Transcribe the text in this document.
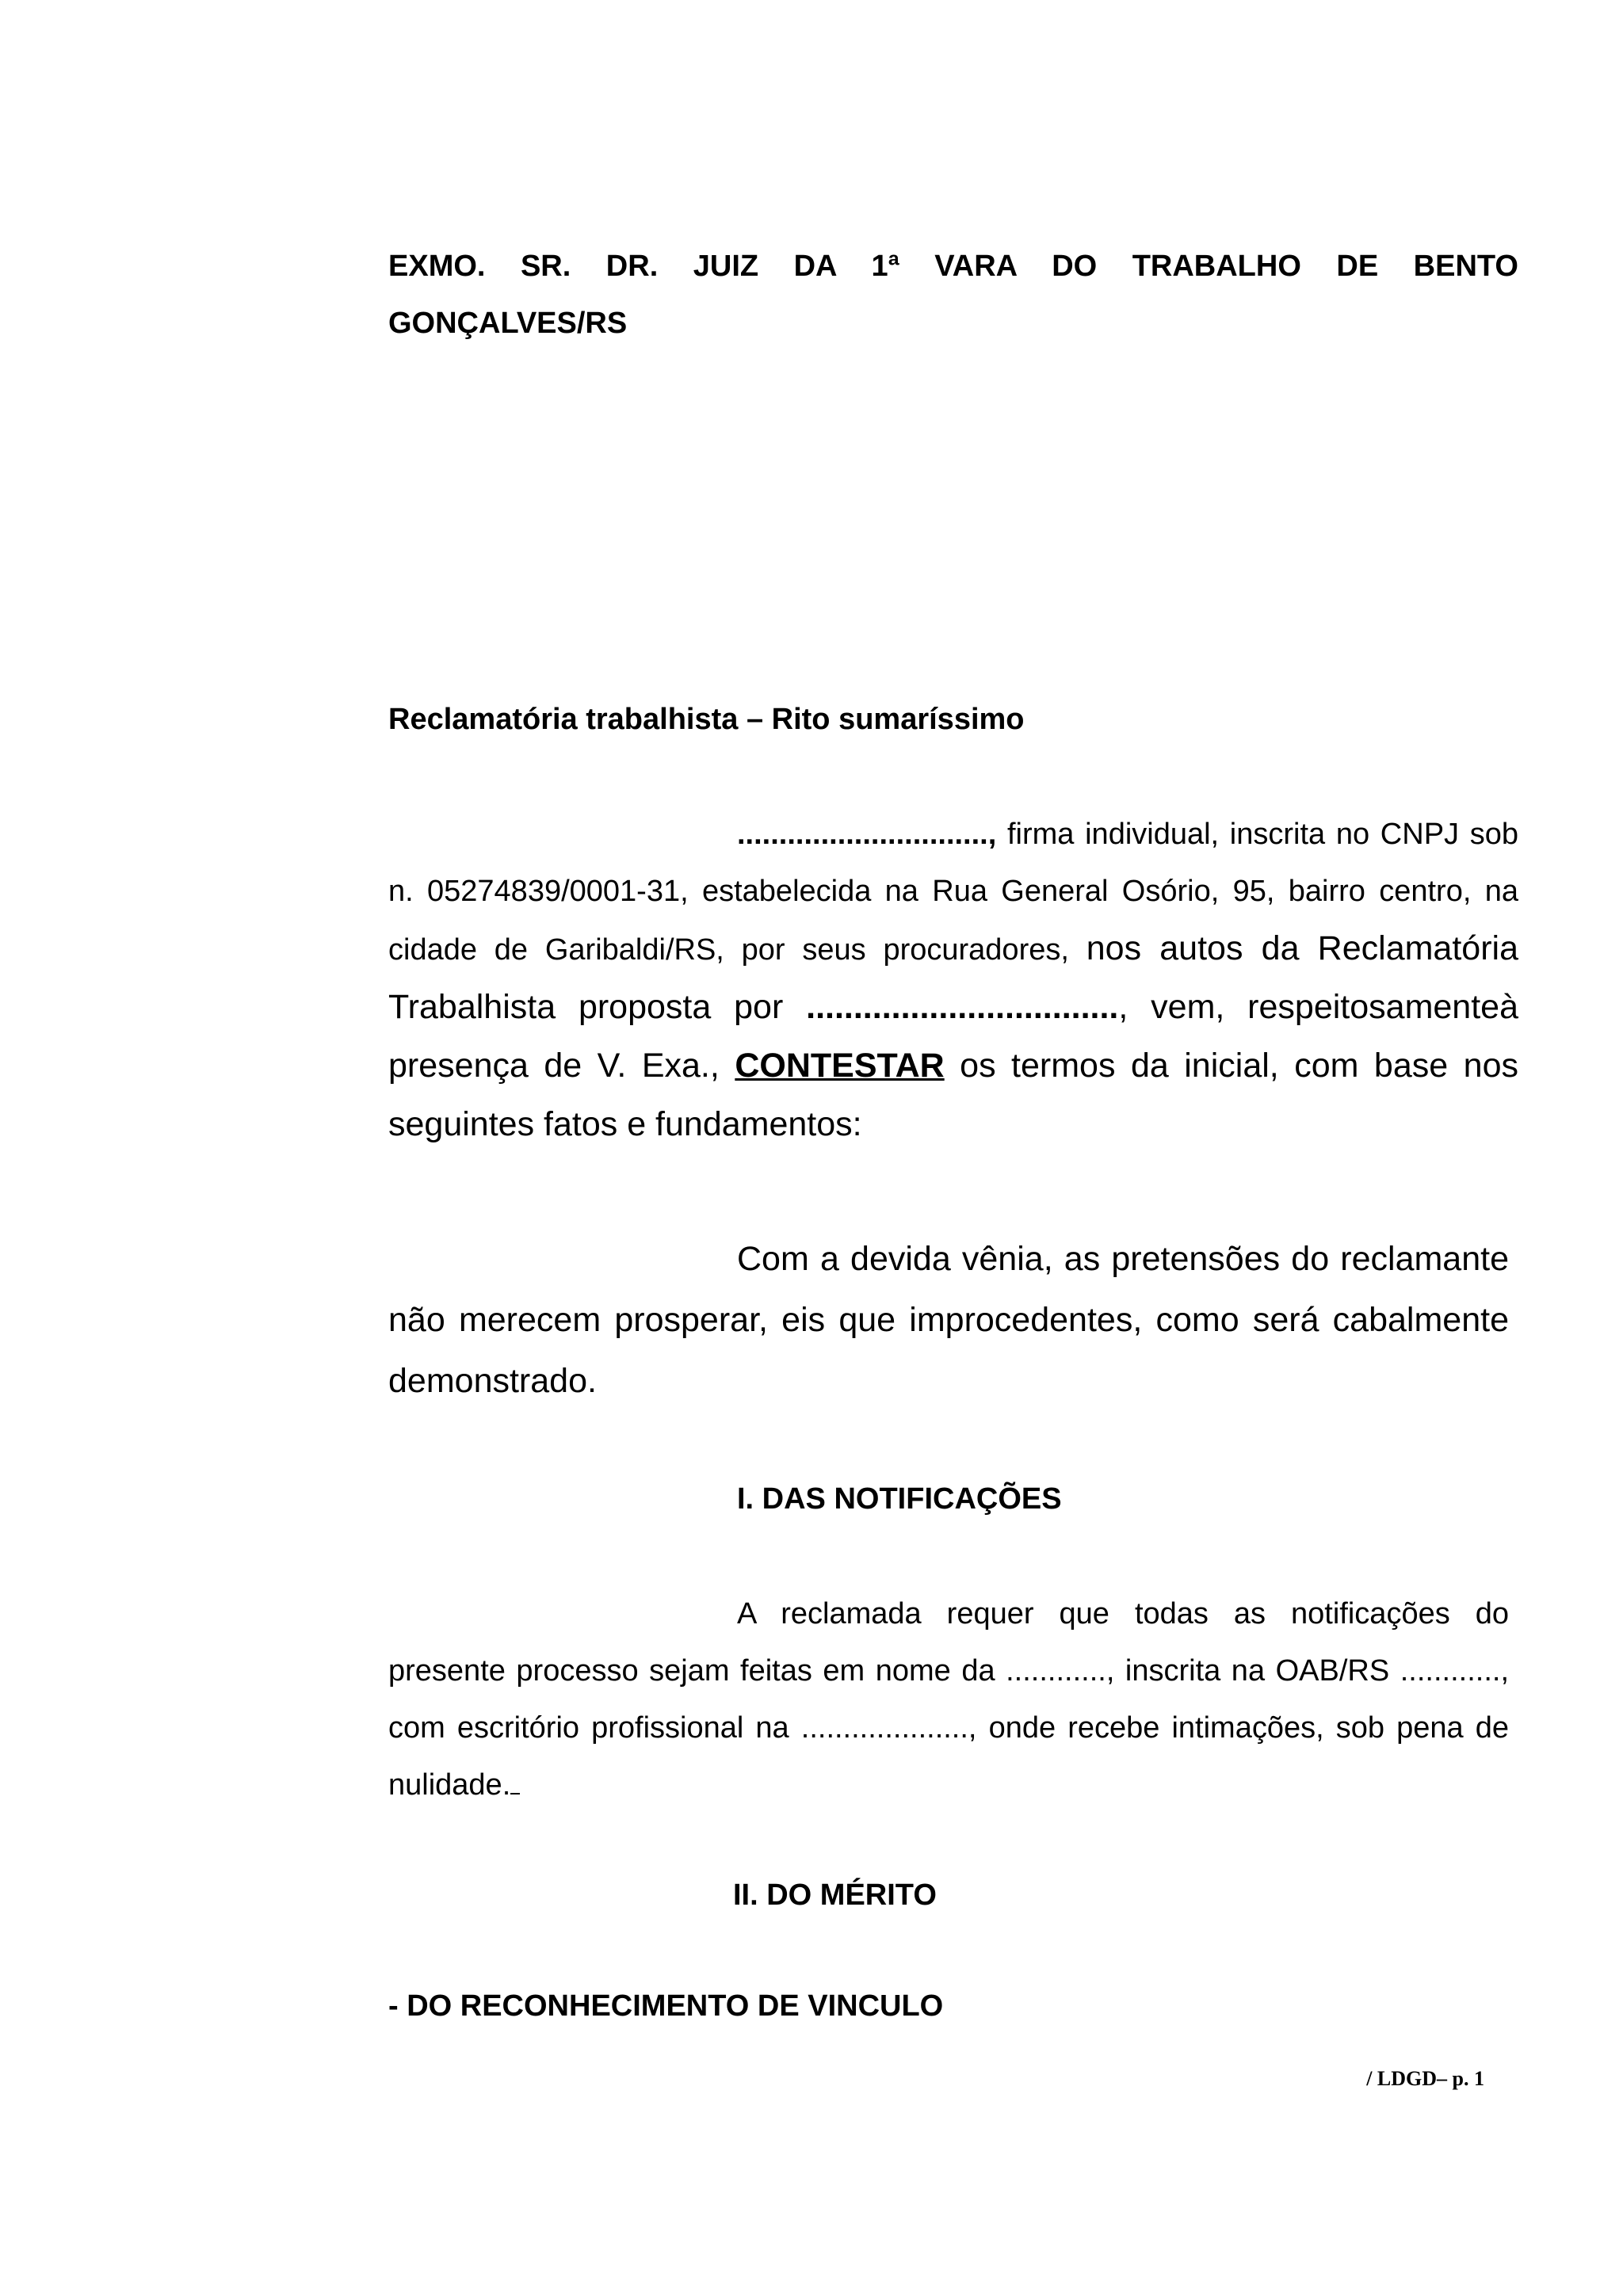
EXMO. SR. DR. JUIZ DA 1ª VARA DO TRABALHO DE BENTO GONÇALVES/RS

Reclamatória trabalhista – Rito sumaríssimo

.............................., firma individual, inscrita no CNPJ sob n. 05274839/0001-31, estabelecida na Rua General Osório, 95, bairro centro, na cidade de Garibaldi/RS, por seus procuradores, nos autos da Reclamatória Trabalhista proposta por ................................., vem, respeitosamenteà presença de V. Exa., CONTESTAR os termos da inicial, com base nos seguintes fatos e fundamentos:

Com a devida vênia, as pretensões do reclamante não merecem prosperar, eis que improcedentes, como será cabalmente demonstrado.

I. DAS NOTIFICAÇÕES

A reclamada requer que todas as notificações do presente processo sejam feitas em nome da ............, inscrita na OAB/RS ............, com escritório profissional na ...................., onde recebe intimações, sob pena de nulidade.

II. DO MÉRITO

- DO RECONHECIMENTO DE VINCULO

/ LDGD– p. 1
